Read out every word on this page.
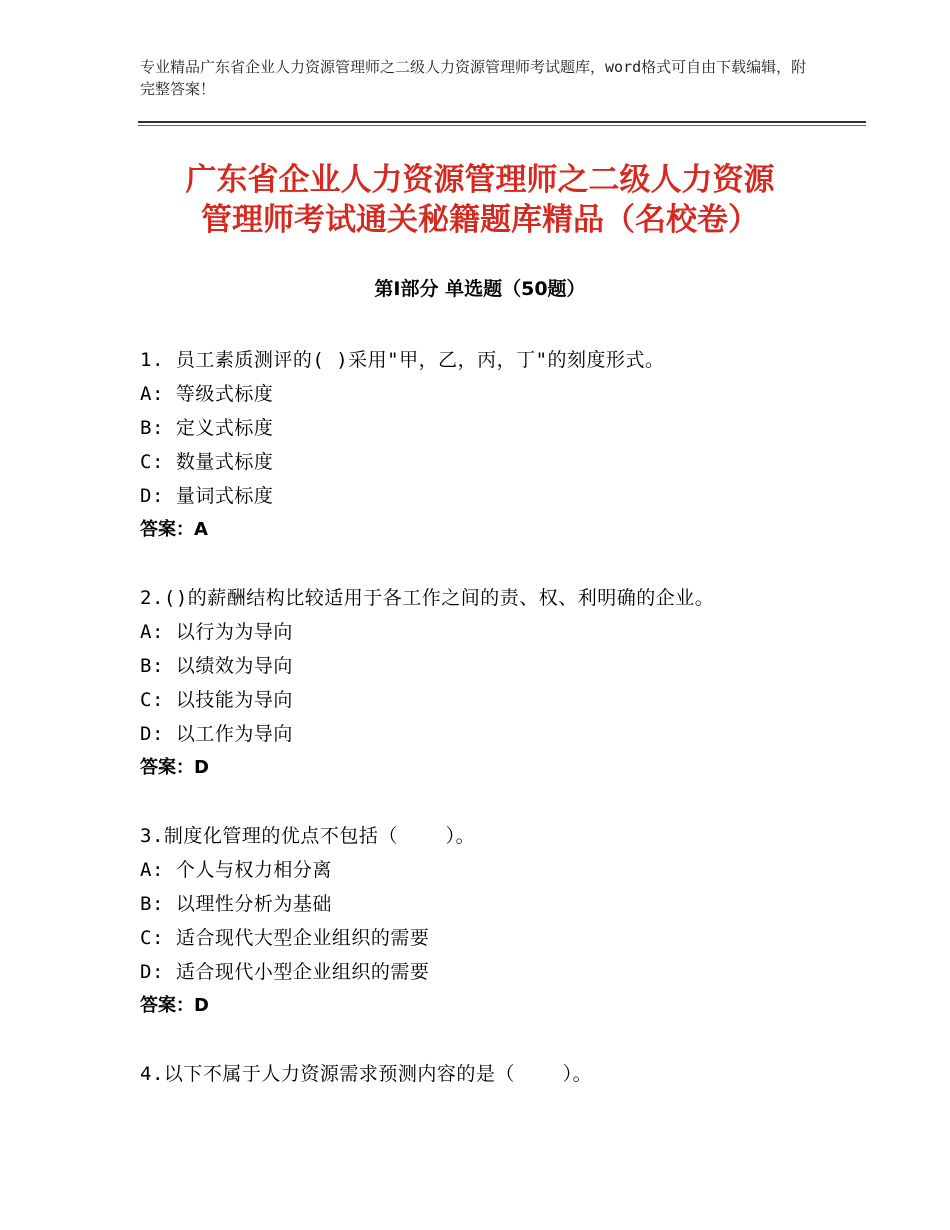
专业精品广东省企业人力资源管理师之二级人力资源管理师考试题库，word格式可自由下载编辑，附完整答案！
广东省企业人力资源管理师之二级人力资源
管理师考试通关秘籍题库精品（名校卷）
第Ⅰ部分 单选题（50题）
1. 员工素质测评的( )采用"甲，乙，丙，丁"的刻度形式。
A: 等级式标度
B: 定义式标度
C: 数量式标度
D: 量词式标度
答案：A
2.()的薪酬结构比较适用于各工作之间的责、权、利明确的企业。
A: 以行为为导向
B: 以绩效为导向
C: 以技能为导向
D: 以工作为导向
答案：D
3.制度化管理的优点不包括（    ）。
A: 个人与权力相分离
B: 以理性分析为基础
C: 适合现代大型企业组织的需要
D: 适合现代小型企业组织的需要
答案：D
4.以下不属于人力资源需求预测内容的是（    ）。
